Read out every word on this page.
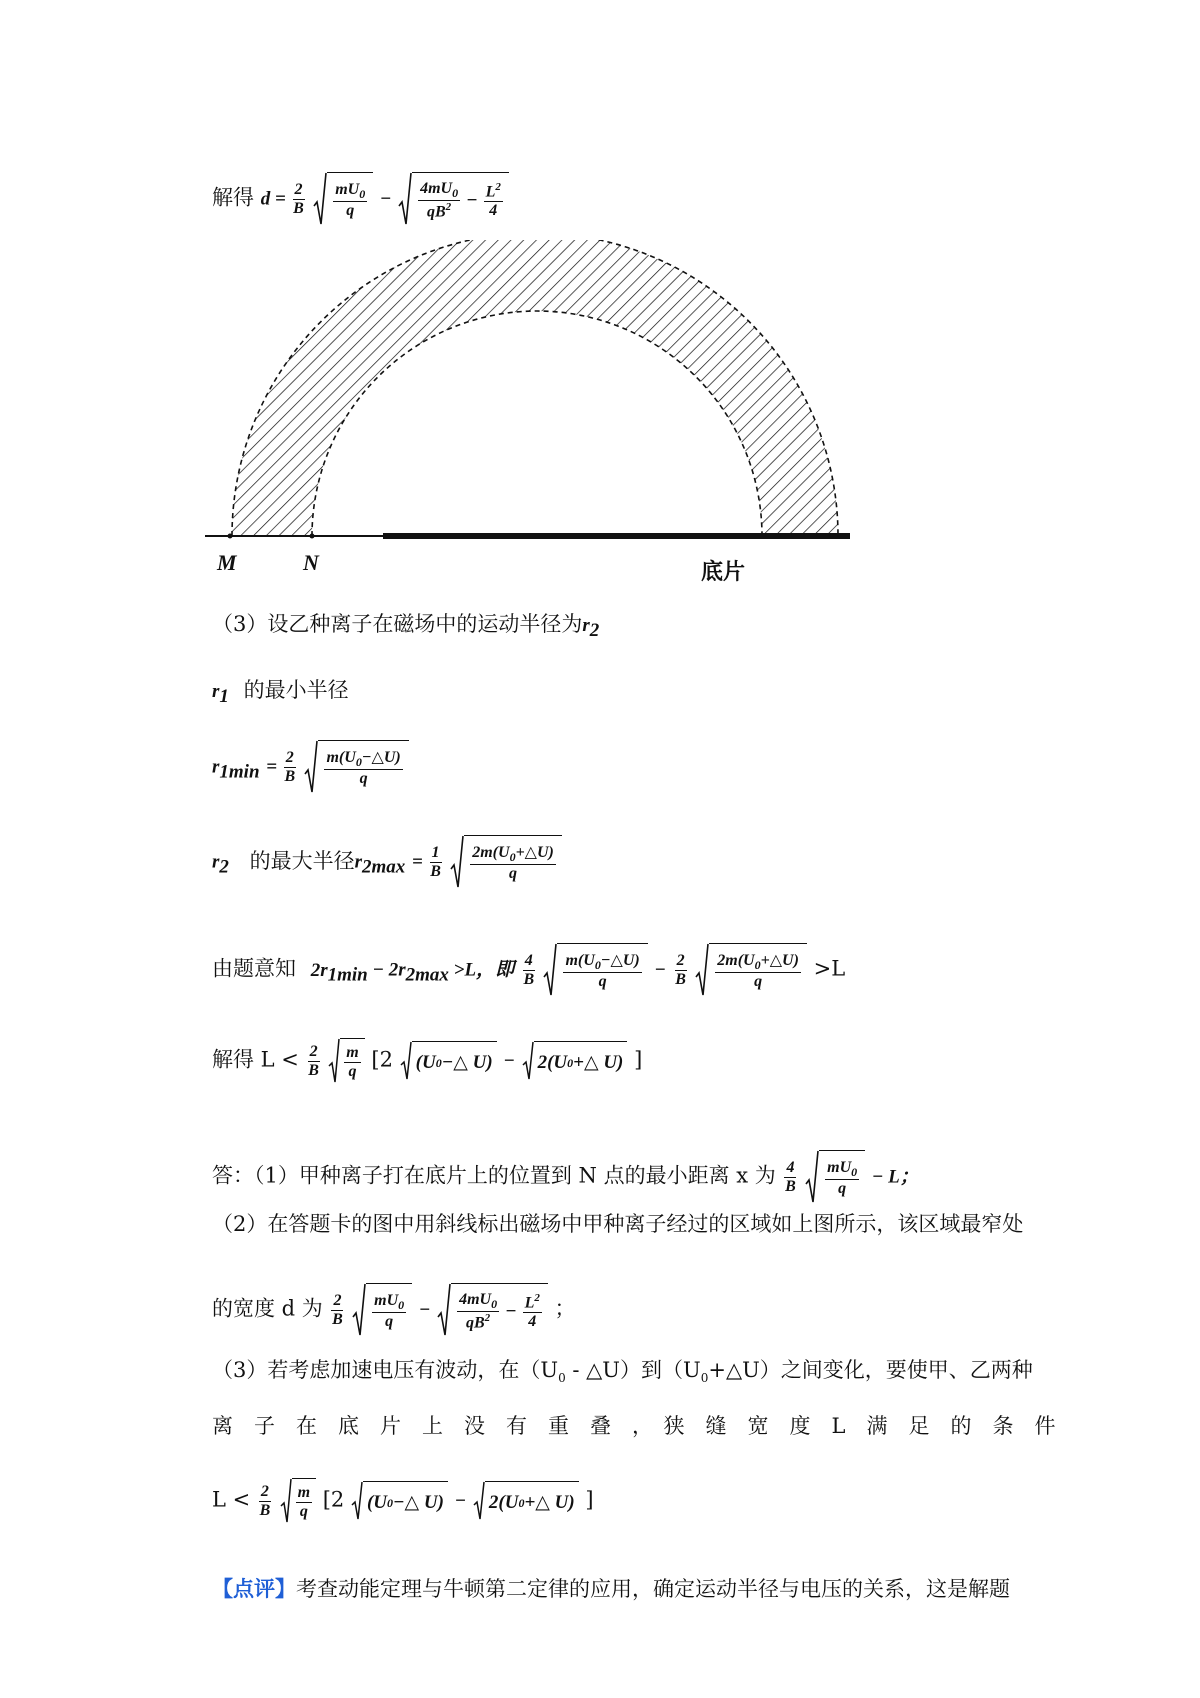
解得 $d = \frac{2}{B}$
$\frac{mU_0}{q} - \frac{4mU_0}{qB^2} - \frac{L^2}{4}$
M	N	底片
（3）设乙种离子在磁场中的运动半径为$r_2$
$r_1$ 的最小半径
$r_{1min} = \frac{2}{B}$
$\frac{m(U_0-\triangle U)}{q}$
$r_2$ 的最大半径$r_{2max} = \frac{1}{B}$
$\frac{2m(U_0+\triangle U)}{q}$
由题意知 $2r_{1min} - 2r_{2max} >L$，即 $\frac{4}{B}$
$\frac{m(U_0-\triangle U)}{q} - \frac{2}{B}$
$\frac{2m(U_0+\triangle U)}{q} >L$
解得 $L < \frac{2}{B}$
$\frac{m}{q} [2$ (U 0 −△ U) − 2(U 0 +△ U) ]
答：（1）甲种离子打在底片上的位置到 N 点的最小距离 x 为 $\frac{4}{B}$
$\frac{mU_0}{q} - L$；
（2）在答题卡的图中用斜线标出磁场中甲种离子经过的区域如上图所示，该区域最窄处
的宽度 d 为 $\frac{2}{B}$
$\frac{mU_0}{q} - \frac{4mU_0}{qB^2} - \frac{L^2}{4}$ ；
（3）若考虑加速电压有波动，在（$U_0$ - △U）到$(U_0+\triangle U)$之间变化，要使甲、乙两种
离　子　在　底　片　上　没　有　重　叠　，　狭　缝　宽　度　L　满　足　的　条　件
$L < \frac{2}{B}$
$\frac{m}{q} [2$ (U 0 −△ U) − 2(U 0 +△ U) ]
【点评】考查动能定理与牛顿第二定律的应用，确定运动半径与电压的关系，这是解题
